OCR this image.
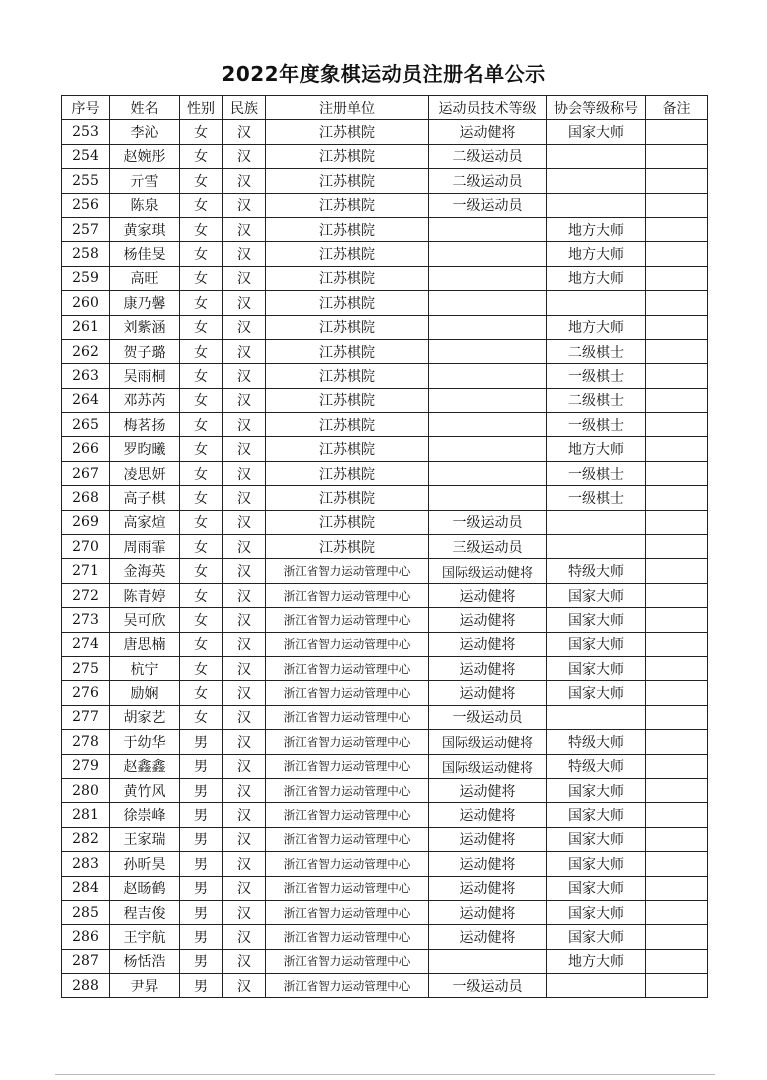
2022年度象棋运动员注册名单公示
序号	姓名	性别	民族	注册单位	运动员技术等级	协会等级称号	备注
253	李沁	女	汉	江苏棋院	运动健将	国家大师	
254	赵婉彤	女	汉	江苏棋院	二级运动员		
255	亓雪	女	汉	江苏棋院	二级运动员		
256	陈泉	女	汉	江苏棋院	一级运动员		
257	黄家琪	女	汉	江苏棋院		地方大师	
258	杨佳旻	女	汉	江苏棋院		地方大师	
259	高旺	女	汉	江苏棋院		地方大师	
260	康乃馨	女	汉	江苏棋院			
261	刘紫涵	女	汉	江苏棋院		地方大师	
262	贺子璐	女	汉	江苏棋院		二级棋士	
263	吴雨桐	女	汉	江苏棋院		一级棋士	
264	邓苏芮	女	汉	江苏棋院		二级棋士	
265	梅茗扬	女	汉	江苏棋院		一级棋士	
266	罗昀曦	女	汉	江苏棋院		地方大师	
267	凌思妍	女	汉	江苏棋院		一级棋士	
268	高子棋	女	汉	江苏棋院		一级棋士	
269	高家煊	女	汉	江苏棋院	一级运动员		
270	周雨霏	女	汉	江苏棋院	三级运动员		
271	金海英	女	汉	浙江省智力运动管理中心	国际级运动健将	特级大师	
272	陈青婷	女	汉	浙江省智力运动管理中心	运动健将	国家大师	
273	吴可欣	女	汉	浙江省智力运动管理中心	运动健将	国家大师	
274	唐思楠	女	汉	浙江省智力运动管理中心	运动健将	国家大师	
275	杭宁	女	汉	浙江省智力运动管理中心	运动健将	国家大师	
276	励娴	女	汉	浙江省智力运动管理中心	运动健将	国家大师	
277	胡家艺	女	汉	浙江省智力运动管理中心	一级运动员		
278	于幼华	男	汉	浙江省智力运动管理中心	国际级运动健将	特级大师	
279	赵鑫鑫	男	汉	浙江省智力运动管理中心	国际级运动健将	特级大师	
280	黄竹风	男	汉	浙江省智力运动管理中心	运动健将	国家大师	
281	徐崇峰	男	汉	浙江省智力运动管理中心	运动健将	国家大师	
282	王家瑞	男	汉	浙江省智力运动管理中心	运动健将	国家大师	
283	孙昕昊	男	汉	浙江省智力运动管理中心	运动健将	国家大师	
284	赵旸鹤	男	汉	浙江省智力运动管理中心	运动健将	国家大师	
285	程吉俊	男	汉	浙江省智力运动管理中心	运动健将	国家大师	
286	王宇航	男	汉	浙江省智力运动管理中心	运动健将	国家大师	
287	杨恬浩	男	汉	浙江省智力运动管理中心		地方大师	
288	尹昇	男	汉	浙江省智力运动管理中心	一级运动员		
